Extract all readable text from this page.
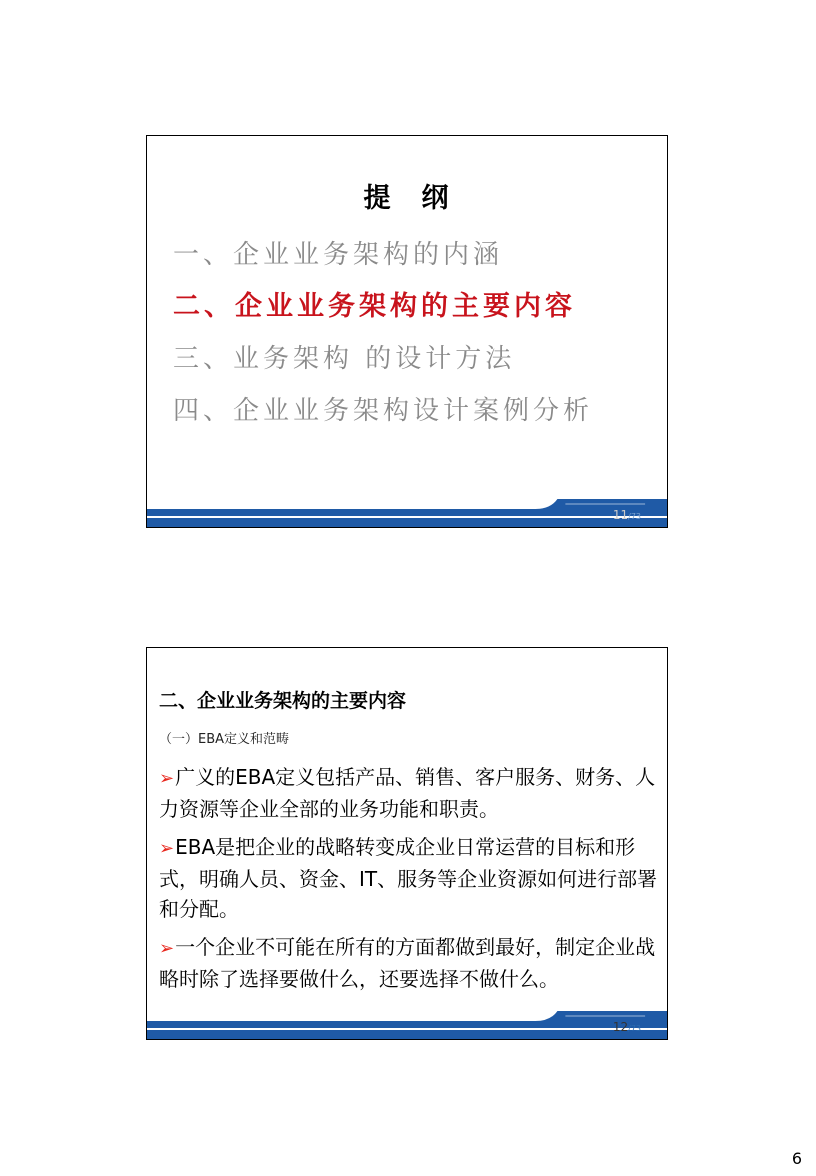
提　纲
一、企业业务架构的内涵
二、企业业务架构的主要内容
三、业务架构 的设计方法
四、企业业务架构设计案例分析
11/73
二、企业业务架构的主要内容
（一）EBA定义和范畴
➢广义的EBA定义包括产品、销售、客户服务、财务、人力资源等企业全部的业务功能和职责。
➢EBA是把企业的战略转变成企业日常运营的目标和形式，明确人员、资金、IT、服务等企业资源如何进行部署和分配。
➢一个企业不可能在所有的方面都做到最好，制定企业战略时除了选择要做什么，还要选择不做什么。
12/73
6
